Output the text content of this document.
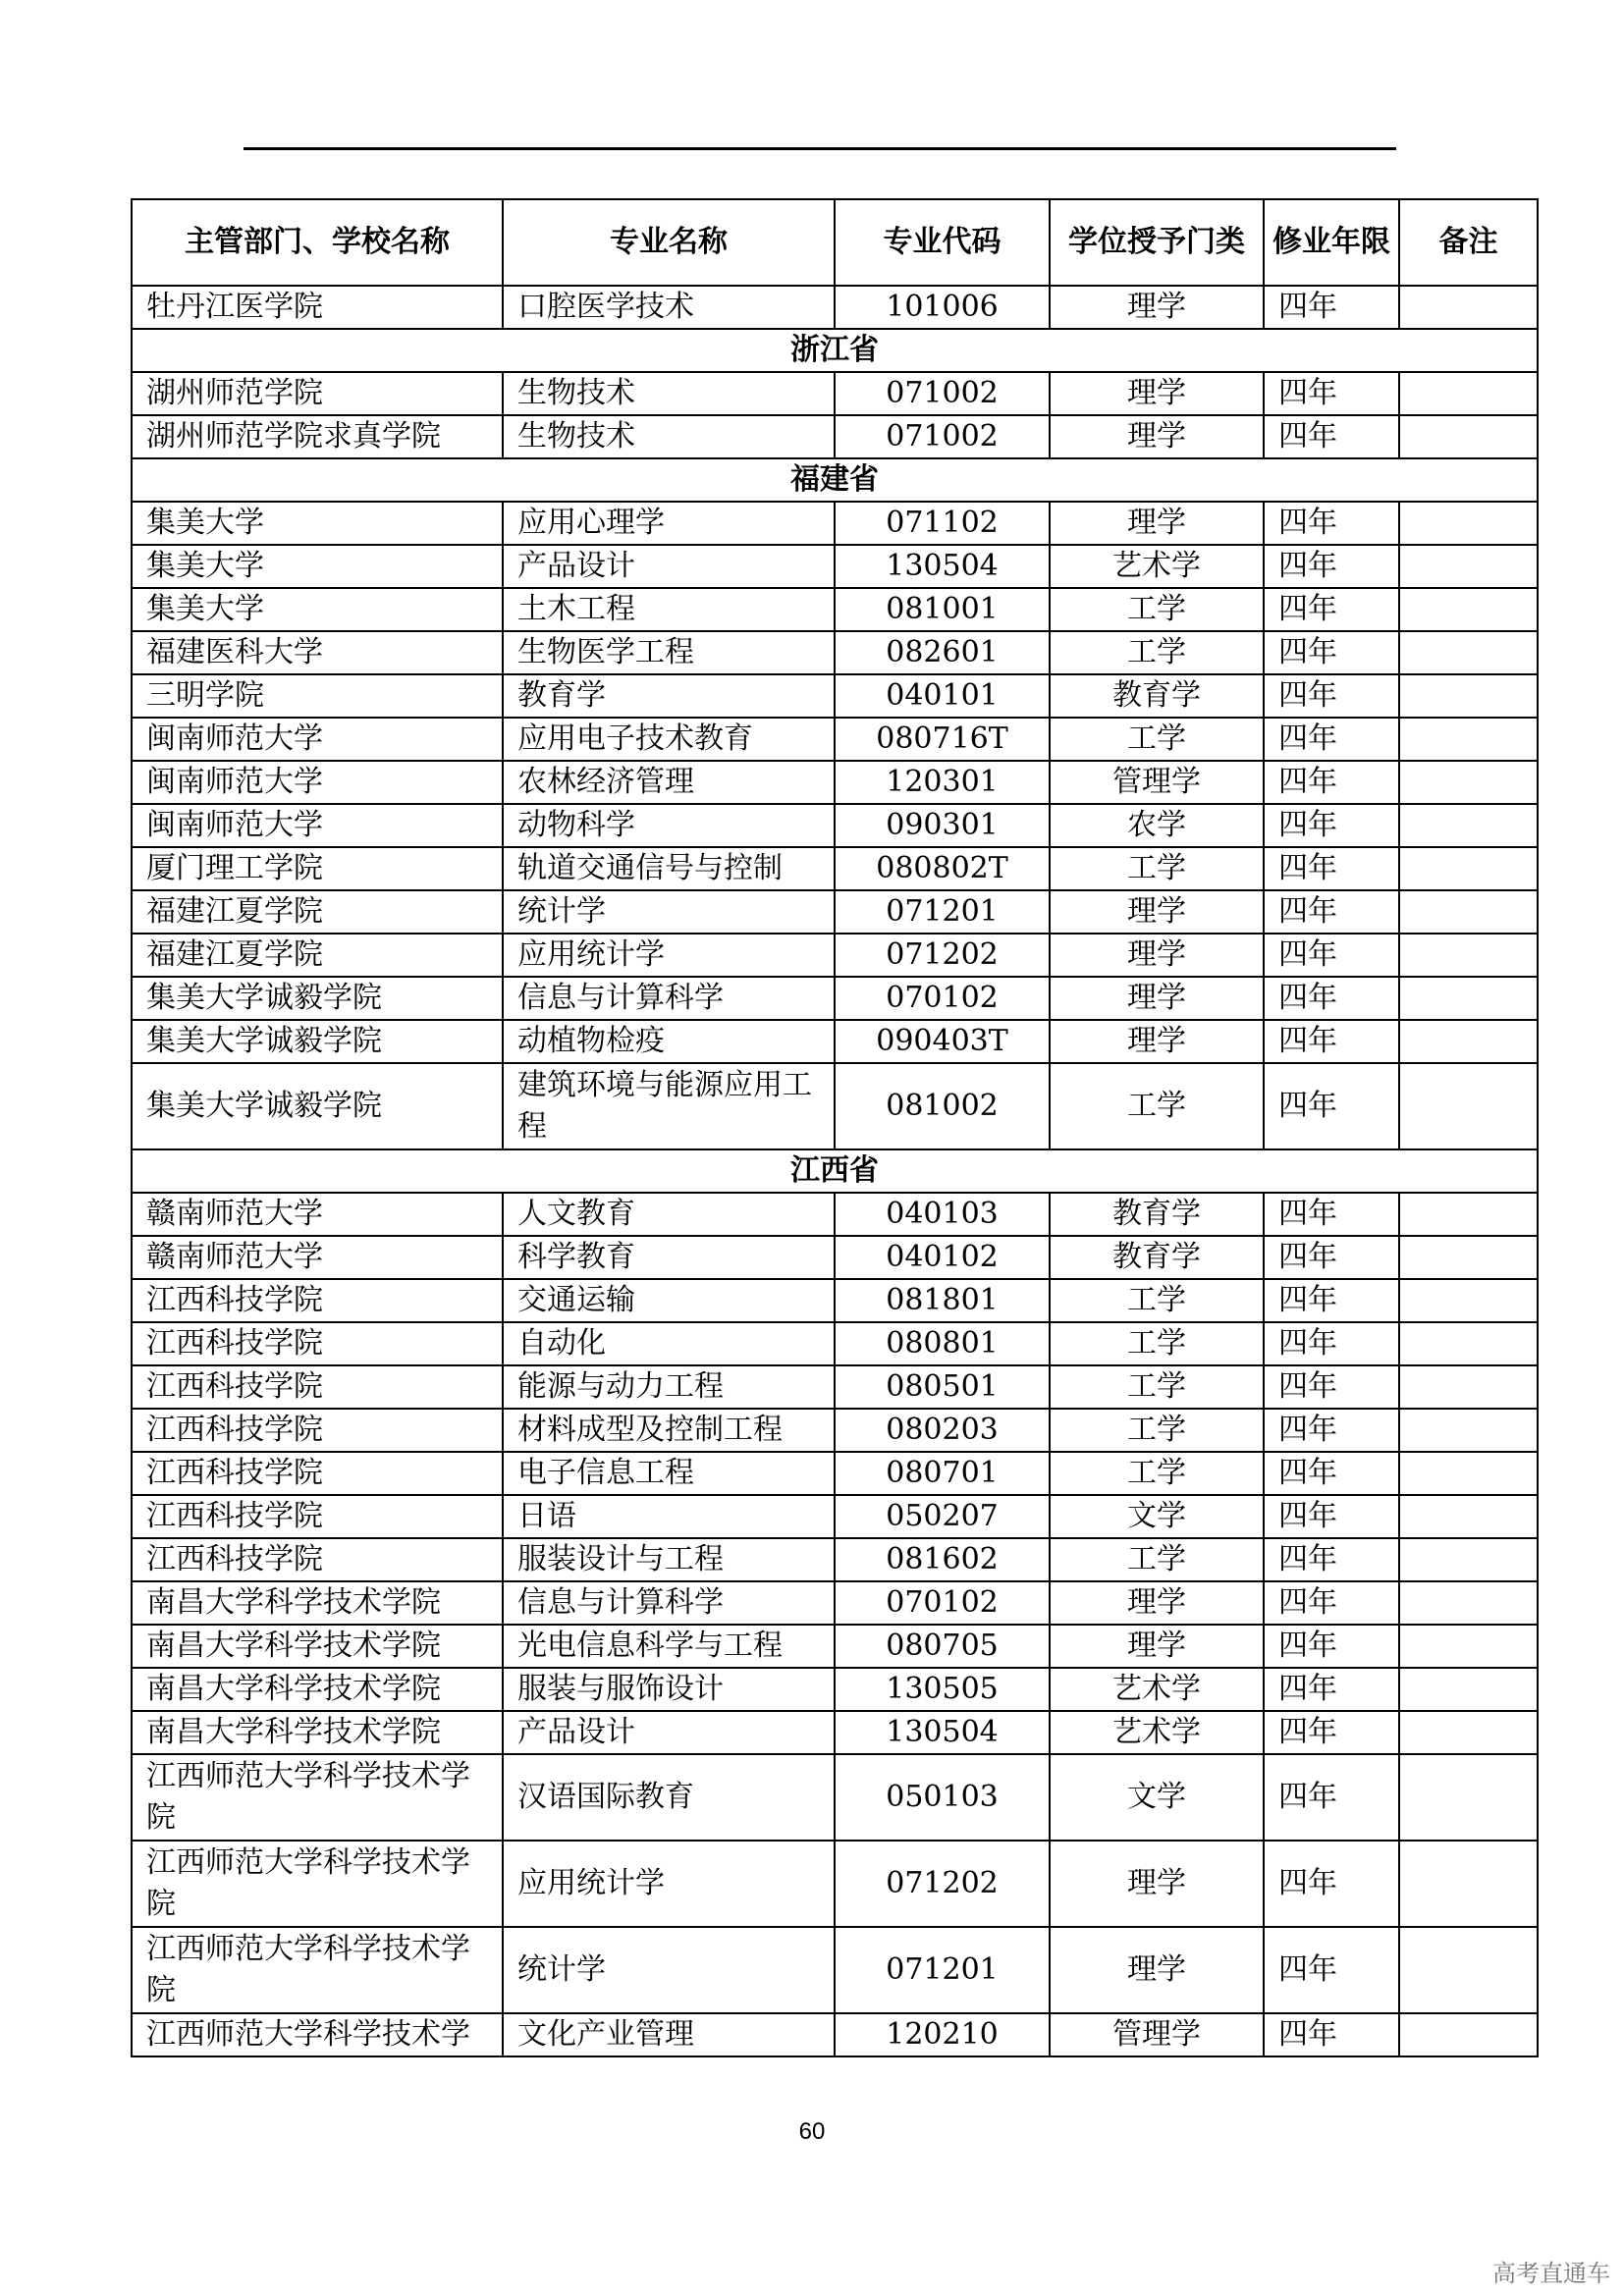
主管部门、学校名称	专业名称	专业代码	学位授予门类	修业年限	备注
牡丹江医学院	口腔医学技术	101006	理学	四年	
浙江省					
湖州师范学院	生物技术	071002	理学	四年	
湖州师范学院求真学院	生物技术	071002	理学	四年	
福建省					
集美大学	应用心理学	071102	理学	四年	
集美大学	产品设计	130504	艺术学	四年	
集美大学	土木工程	081001	工学	四年	
福建医科大学	生物医学工程	082601	工学	四年	
三明学院	教育学	040101	教育学	四年	
闽南师范大学	应用电子技术教育	080716T	工学	四年	
闽南师范大学	农林经济管理	120301	管理学	四年	
闽南师范大学	动物科学	090301	农学	四年	
厦门理工学院	轨道交通信号与控制	080802T	工学	四年	
福建江夏学院	统计学	071201	理学	四年	
福建江夏学院	应用统计学	071202	理学	四年	
集美大学诚毅学院	信息与计算科学	070102	理学	四年	
集美大学诚毅学院	动植物检疫	090403T	理学	四年	
集美大学诚毅学院	建筑环境与能源应用工程	081002	工学	四年	
江西省					
赣南师范大学	人文教育	040103	教育学	四年	
赣南师范大学	科学教育	040102	教育学	四年	
江西科技学院	交通运输	081801	工学	四年	
江西科技学院	自动化	080801	工学	四年	
江西科技学院	能源与动力工程	080501	工学	四年	
江西科技学院	材料成型及控制工程	080203	工学	四年	
江西科技学院	电子信息工程	080701	工学	四年	
江西科技学院	日语	050207	文学	四年	
江西科技学院	服装设计与工程	081602	工学	四年	
南昌大学科学技术学院	信息与计算科学	070102	理学	四年	
南昌大学科学技术学院	光电信息科学与工程	080705	理学	四年	
南昌大学科学技术学院	服装与服饰设计	130505	艺术学	四年	
南昌大学科学技术学院	产品设计	130504	艺术学	四年	
江西师范大学科学技术学院	汉语国际教育	050103	文学	四年	
江西师范大学科学技术学院	应用统计学	071202	理学	四年	
江西师范大学科学技术学院	统计学	071201	理学	四年	
江西师范大学科学技术学	文化产业管理	120210	管理学	四年	
60
高考直通车
